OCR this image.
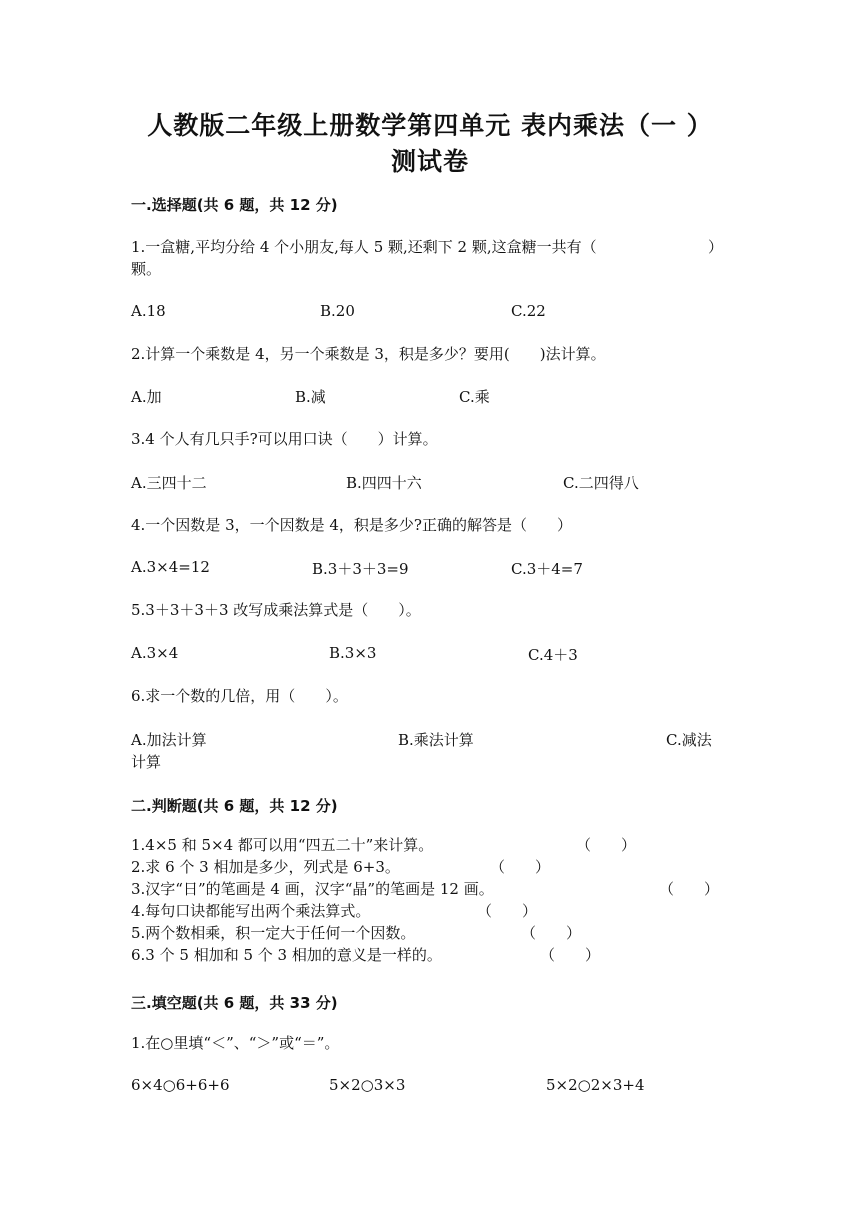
人教版二年级上册数学第四单元 表内乘法（一 ）
测试卷
一.选择题(共 6 题，共 12 分)
1.一盒糖,平均分给 4 个小朋友,每人 5 颗,还剩下 2 颗,这盒糖一共有（	）
颗。
A.18	B.20	C.22
2.计算一个乘数是 4，另一个乘数是 3，积是多少？要用(　　)法计算。
A.加	B.减	C.乘
3.4 个人有几只手?可以用口诀（　　）计算。
A.三四十二	B.四四十六	C.二四得八
4.一个因数是 3，一个因数是 4，积是多少?正确的解答是（　　）
A.3×4=12	B.3＋3＋3=9	C.3＋4=7
5.3＋3＋3＋3 改写成乘法算式是（　　）。
A.3×4	B.3×3	C.4＋3
6.求一个数的几倍，用（　　）。
A.加法计算	B.乘法计算	C.减法
计算
二.判断题(共 6 题，共 12 分)
1.4×5 和 5×4 都可以用“四五二十”来计算。	（　　）
2.求 6 个 3 相加是多少，列式是 6+3。	（　　）
3.汉字“日”的笔画是 4 画，汉字“晶”的笔画是 12 画。	（　　）
4.每句口诀都能写出两个乘法算式。	（　　）
5.两个数相乘，积一定大于任何一个因数。	（　　）
6.3 个 5 相加和 5 个 3 相加的意义是一样的。	（　　）
三.填空题(共 6 题，共 33 分)
1.在○里填“＜”、“＞”或“＝”。
6×4○6+6+6	5×2○3×3	5×2○2×3+4
